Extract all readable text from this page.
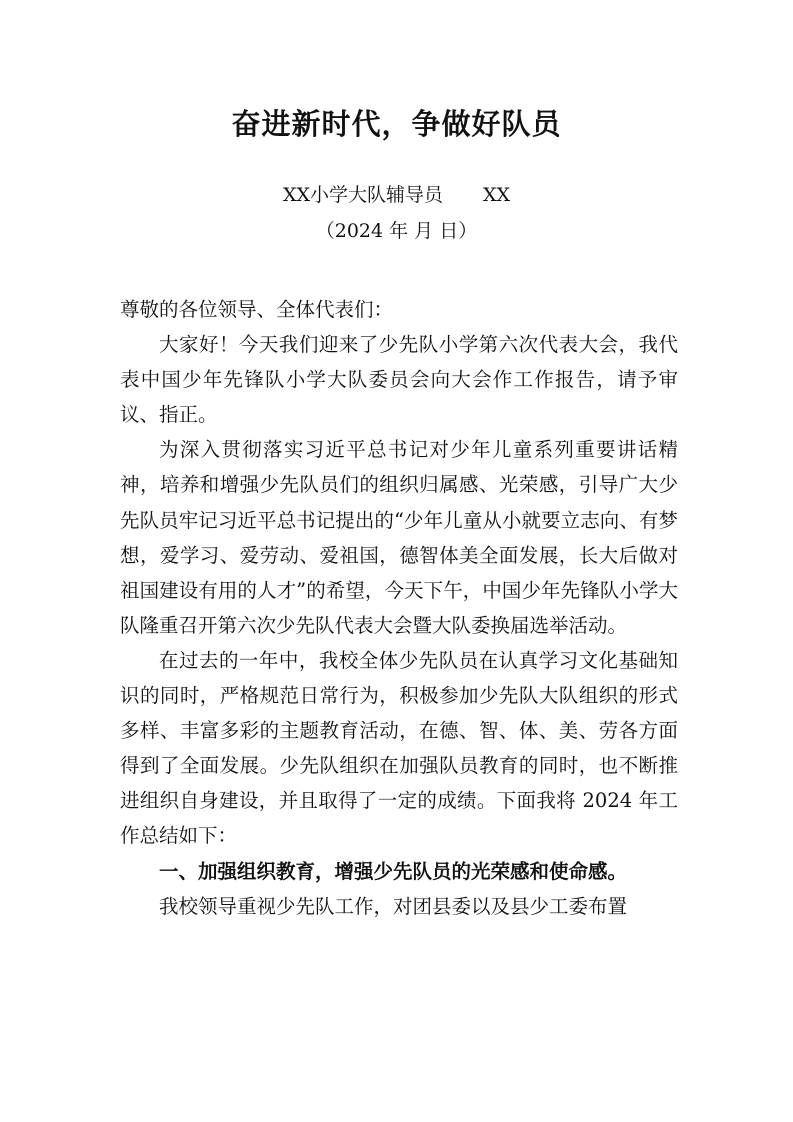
奋进新时代，争做好队员
XX小学大队辅导员 XX
（2024 年 月 日）

尊敬的各位领导、全体代表们：

大家好！今天我们迎来了少先队小学第六次代表大会，我代表中国少年先锋队小学大队委员会向大会作工作报告，请予审议、指正。

为深入贯彻落实习近平总书记对少年儿童系列重要讲话精神，培养和增强少先队员们的组织归属感、光荣感，引导广大少先队员牢记习近平总书记提出的“少年儿童从小就要立志向、有梦想，爱学习、爱劳动、爱祖国，德智体美全面发展，长大后做对祖国建设有用的人才”的希望，今天下午，中国少年先锋队小学大队隆重召开第六次少先队代表大会暨大队委换届选举活动。

在过去的一年中，我校全体少先队员在认真学习文化基础知识的同时，严格规范日常行为，积极参加少先队大队组织的形式多样、丰富多彩的主题教育活动，在德、智、体、美、劳各方面得到了全面发展。少先队组织在加强队员教育的同时，也不断推进组织自身建设，并且取得了一定的成绩。下面我将 2024 年工作总结如下：

一、加强组织教育，增强少先队员的光荣感和使命感。

我校领导重视少先队工作，对团县委以及县少工委布置
